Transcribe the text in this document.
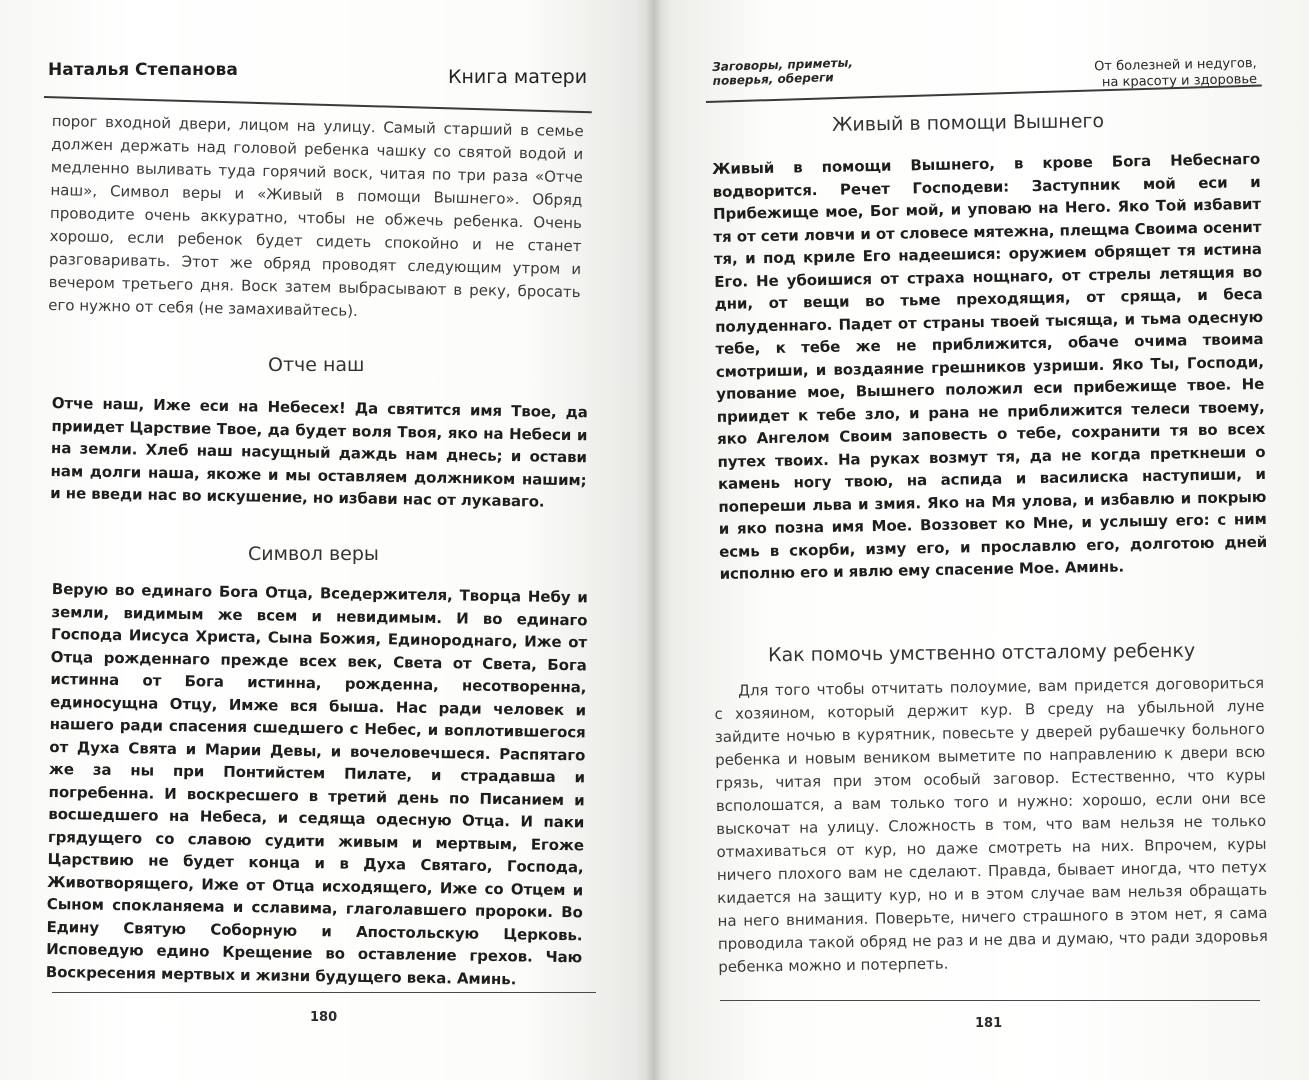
Наталья Степанова	Книга матери

порог входной двери, лицом на улицу. Самый старший в семье должен держать над головой ребенка чашку со святой водой и медленно выливать туда горячий воск, читая по три раза «Отче наш», Символ веры и «Живый в помощи Вышнего». Обряд проводите очень аккуратно, чтобы не обжечь ребенка. Очень хорошо, если ребенок будет сидеть спокойно и не станет разговаривать. Этот же обряд проводят следующим утром и вечером третьего дня. Воск затем выбрасывают в реку, бросать его нужно от себя (не замахивайтесь).

Отче наш

Отче наш, Иже еси на Небесех! Да святится имя Твое, да приидет Царствие Твое, да будет воля Твоя, яко на Небеси и на земли. Хлеб наш насущный даждь нам днесь; и остави нам долги наша, якоже и мы оставляем должником нашим; и не введи нас во искушение, но избави нас от лукаваго.

Символ веры

Верую во единаго Бога Отца, Вседержителя, Творца Небу и земли, видимым же всем и невидимым. И во единаго Господа Иисуса Христа, Сына Божия, Единороднаго, Иже от Отца рожденнаго прежде всех век, Света от Света, Бога истинна от Бога истинна, рожденна, несотворенна, единосущна Отцу, Имже вся быша. Нас ради человек и нашего ради спасения сшедшего с Небес, и воплотившегося от Духа Свята и Марии Девы, и вочеловечшеся. Распятаго же за ны при Понтийстем Пилате, и страдавша и погребенна. И воскресшего в третий день по Писанием и восшедшего на Небеса, и седяща одесную Отца. И паки грядущего со славою судити живым и мертвым, Егоже Царствию не будет конца и в Духа Святаго, Господа, Животворящего, Иже от Отца исходящего, Иже со Отцем и Сыном спокланяема и сславима, глаголавшего пророки. Во Едину Святую Соборную и Апостольскую Церковь. Исповедую едино Крещение во оставление грехов. Чаю Воскресения мертвых и жизни будущего века. Аминь.

180
Заговоры, приметы,
поверья, обереги
От болезней и недугов,
на красоту и здоровье
Живый в помощи Вышнего

Живый в помощи Вышнего, в крове Бога Небеснаго водворится. Речет Господеви: Заступник мой еси и Прибежище мое, Бог мой, и уповаю на Него. Яко Той избавит тя от сети ловчи и от словесе мятежна, плещма Своима осенит тя, и под криле Его надеешися: оружием обрящет тя истина Его. Не убоишися от страха нощнаго, от стрелы летящия во дни, от вещи во тьме преходящия, от сряща, и беса полуденнаго. Падет от страны твоей тысяща, и тьма одесную тебе, к тебе же не приближится, обаче очима твоима смотриши, и воздаяние грешников узриши. Яко Ты, Господи, упование мое, Вышнего положил еси прибежище твое. Не приидет к тебе зло, и рана не приближится телеси твоему, яко Ангелом Своим заповесть о тебе, сохранити тя во всех путех твоих. На руках возмут тя, да не когда преткнеши о камень ногу твою, на аспида и василиска наступиши, и попереши льва и змия. Яко на Мя улова, и избавлю и покрыю и яко позна имя Мое. Воззовет ко Мне, и услышу его: с ним есмь в скорби, изму его, и прославлю его, долготою дней исполню его и явлю ему спасение Мое. Аминь.

Как помочь умственно отсталому ребенку

Для того чтобы отчитать полоумие, вам придется договориться с хозяином, который держит кур. В среду на убыльной луне зайдите ночью в курятник, повесьте у дверей рубашечку больного ребенка и новым веником выметите по направлению к двери всю грязь, читая при этом особый заговор. Естественно, что куры всполошатся, а вам только того и нужно: хорошо, если они все выскочат на улицу. Сложность в том, что вам нельзя не только отмахиваться от кур, но даже смотреть на них. Впрочем, куры ничего плохого вам не сделают. Правда, бывает иногда, что петух кидается на защиту кур, но и в этом случае вам нельзя обращать на него внимания. Поверьте, ничего страшного в этом нет, я сама проводила такой обряд не раз и не два и думаю, что ради здоровья ребенка можно и потерпеть.

181
